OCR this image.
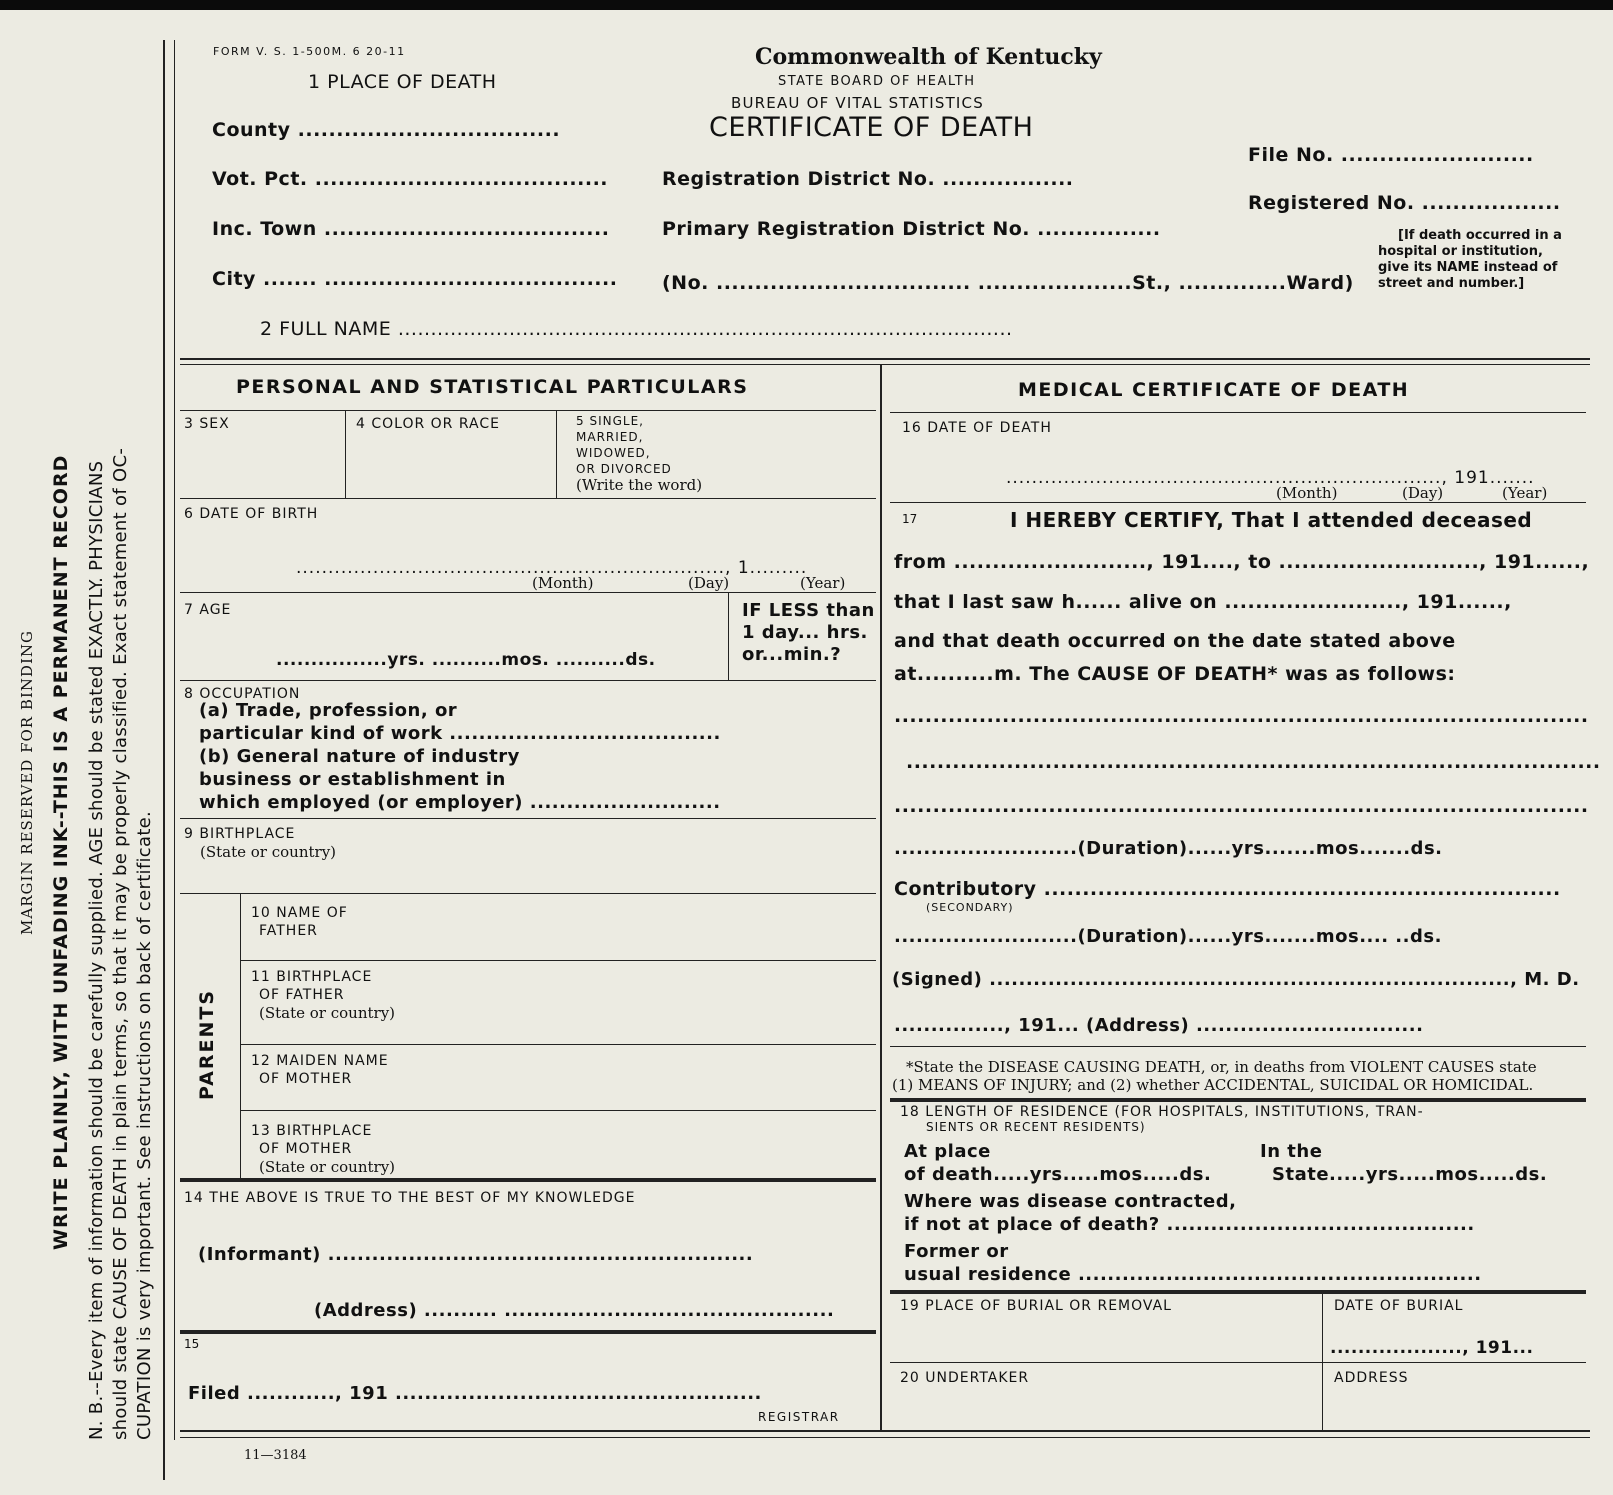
MARGIN RESERVED FOR BINDING WRITE PLAINLY, WITH UNFADING INK--THIS IS A PERMANENT RECORD N. B.--Every item of information should be carefully supplied. AGE should be stated EXACTLY. PHYSICIANS should state CAUSE OF DEATH in plain terms, so that it may be properly classified. Exact statement of OC- CUPATION is very important. See instructions on back of certificate.
FORM V. S. 1-500M. 6 20-11	Commonwealth of Kentucky
STATE BOARD OF HEALTH
BUREAU OF VITAL STATISTICS
CERTIFICATE OF DEATH
1 PLACE OF DEATH
County ..................................
Vot. Pct. ......................................
Inc. Town .....................................
City ....... ......................................
Registration District No. .................
Primary Registration District No. ................
(No. ................................. ....................St., ..............Ward)
File No. .........................
Registered No. ..................
[If death occurred in a
hospital or institution,
give its NAME instead of
street and number.]
2 FULL NAME ..............................................................................................
PERSONAL AND STATISTICAL PARTICULARS
3 SEX	4 COLOR OR RACE	5 SINGLE,
MARRIED,
WIDOWED,
OR DIVORCED
(Write the word)
6 DATE OF BIRTH
..................................................................., 1.........
(Month)	(Day)	(Year)
7 AGE
................yrs. ..........mos. ..........ds.
IF LESS than
1 day... hrs.
or...min.?
8 OCCUPATION
(a) Trade, profession, or
particular kind of work .....................................
(b) General nature of industry
business or establishment in
which employed (or employer) ..........................
9 BIRTHPLACE
(State or country)
PARENTS
10 NAME OF
FATHER
11 BIRTHPLACE
OF FATHER
(State or country)
12 MAIDEN NAME
OF MOTHER
13 BIRTHPLACE
OF MOTHER
(State or country)
14 THE ABOVE IS TRUE TO THE BEST OF MY KNOWLEDGE
(Informant) ..........................................................
(Address) .......... .............................................
15
Filed ............, 191 ..................................................
REGISTRAR
MEDICAL CERTIFICATE OF DEATH
16 DATE OF DEATH
...................................................................., 191.......
(Month)	(Day)	(Year)
17	I HEREBY CERTIFY, That I attended deceased
from ........................., 191...., to .........................., 191......,
that I last saw h...... alive on ......................., 191......,
and that death occurred on the date stated above
at..........m. The CAUSE OF DEATH* was as follows:
..........................................................................................
..........................................................................................
..........................................................................................
.........................(Duration)......yrs.......mos.......ds.
Contributory ...................................................................
(SECONDARY)
.........................(Duration)......yrs.......mos.... ..ds.
(Signed) ......................................................................., M. D.
..............., 191... (Address) ...............................
*State the DISEASE CAUSING DEATH, or, in deaths from VIOLENT CAUSES state
(1) MEANS OF INJURY; and (2) whether ACCIDENTAL, SUICIDAL OR HOMICIDAL.
18 LENGTH OF RESIDENCE (FOR HOSPITALS, INSTITUTIONS, TRAN-
SIENTS OR RECENT RESIDENTS)
At place
of death.....yrs.....mos.....ds.
In the
State.....yrs.....mos.....ds.
Where was disease contracted,
if not at place of death? ..........................................
Former or
usual residence .......................................................
19 PLACE OF BURIAL OR REMOVAL	DATE OF BURIAL
..................., 191...
20 UNDERTAKER	ADDRESS
11—3184
